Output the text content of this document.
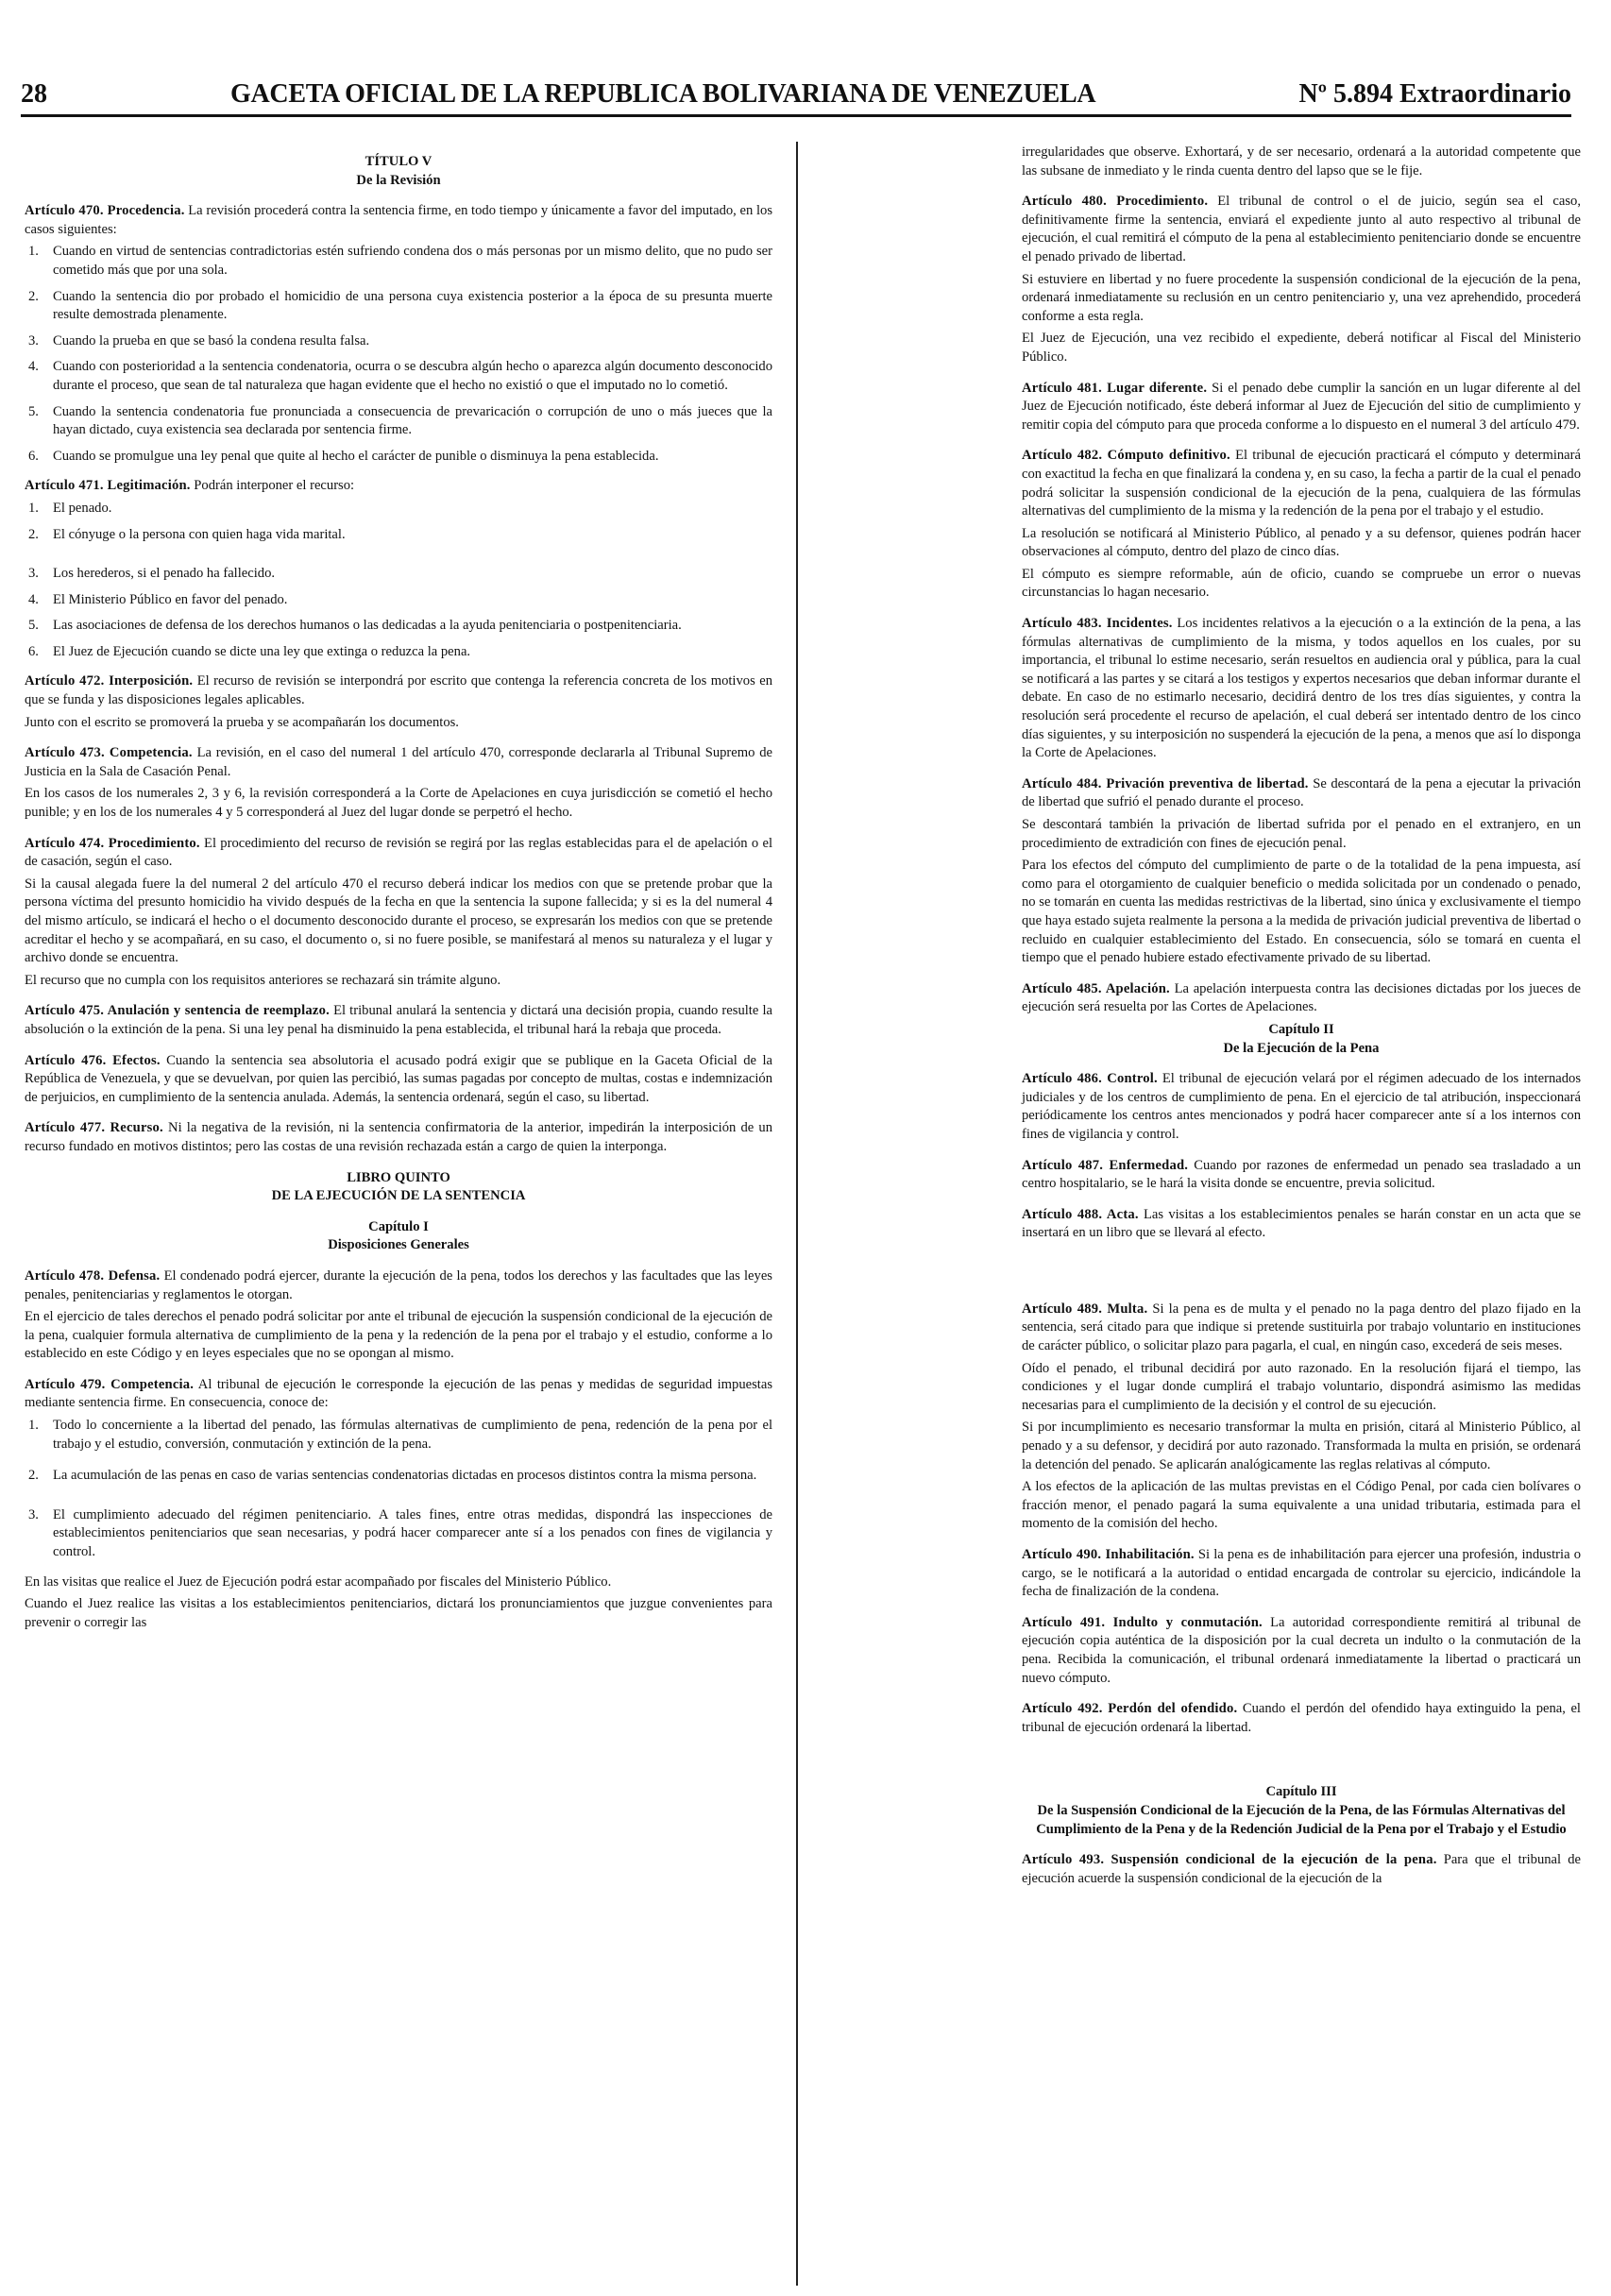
28	GACETA OFICIAL DE LA REPUBLICA BOLIVARIANA DE VENEZUELA	Nº 5.894 Extraordinario

TÍTULO V

De la Revisión

Artículo 470. Procedencia. La revisión procederá contra la sentencia firme, en todo tiempo y únicamente a favor del imputado, en los casos siguientes:

1. Cuando en virtud de sentencias contradictorias estén sufriendo condena dos o más personas por un mismo delito, que no pudo ser cometido más que por una sola.
2. Cuando la sentencia dio por probado el homicidio de una persona cuya existencia posterior a la época de su presunta muerte resulte demostrada plenamente.
3. Cuando la prueba en que se basó la condena resulta falsa.
4. Cuando con posterioridad a la sentencia condenatoria, ocurra o se descubra algún hecho o aparezca algún documento desconocido durante el proceso, que sean de tal naturaleza que hagan evidente que el hecho no existió o que el imputado no lo cometió.
5. Cuando la sentencia condenatoria fue pronunciada a consecuencia de prevaricación o corrupción de uno o más jueces que la hayan dictado, cuya existencia sea declarada por sentencia firme.
6. Cuando se promulgue una ley penal que quite al hecho el carácter de punible o disminuya la pena establecida.

Artículo 471. Legitimación. Podrán interponer el recurso:

1. El penado.
2. El cónyuge o la persona con quien haga vida marital.
3. Los herederos, si el penado ha fallecido.
4. El Ministerio Público en favor del penado.
5. Las asociaciones de defensa de los derechos humanos o las dedicadas a la ayuda penitenciaria o postpenitenciaria.
6. El Juez de Ejecución cuando se dicte una ley que extinga o reduzca la pena.

Artículo 472. Interposición. El recurso de revisión se interpondrá por escrito que contenga la referencia concreta de los motivos en que se funda y las disposiciones legales aplicables.

Junto con el escrito se promoverá la prueba y se acompañarán los documentos.

Artículo 473. Competencia. La revisión, en el caso del numeral 1 del artículo 470, corresponde declararla al Tribunal Supremo de Justicia en la Sala de Casación Penal.

En los casos de los numerales 2, 3 y 6, la revisión corresponderá a la Corte de Apelaciones en cuya jurisdicción se cometió el hecho punible; y en los de los numerales 4 y 5 corresponderá al Juez del lugar donde se perpetró el hecho.

Artículo 474. Procedimiento. El procedimiento del recurso de revisión se regirá por las reglas establecidas para el de apelación o el de casación, según el caso.

Si la causal alegada fuere la del numeral 2 del artículo 470 el recurso deberá indicar los medios con que se pretende probar que la persona víctima del presunto homicidio ha vivido después de la fecha en que la sentencia la supone fallecida; y si es la del numeral 4 del mismo artículo, se indicará el hecho o el documento desconocido durante el proceso, se expresarán los medios con que se pretende acreditar el hecho y se acompañará, en su caso, el documento o, si no fuere posible, se manifestará al menos su naturaleza y el lugar y archivo donde se encuentra.

El recurso que no cumpla con los requisitos anteriores se rechazará sin trámite alguno.

Artículo 475. Anulación y sentencia de reemplazo. El tribunal anulará la sentencia y dictará una decisión propia, cuando resulte la absolución o la extinción de la pena. Si una ley penal ha disminuido la pena establecida, el tribunal hará la rebaja que proceda.

Artículo 476. Efectos. Cuando la sentencia sea absolutoria el acusado podrá exigir que se publique en la Gaceta Oficial de la República de Venezuela, y que se devuelvan, por quien las percibió, las sumas pagadas por concepto de multas, costas e indemnización de perjuicios, en cumplimiento de la sentencia anulada. Además, la sentencia ordenará, según el caso, su libertad.

Artículo 477. Recurso. Ni la negativa de la revisión, ni la sentencia confirmatoria de la anterior, impedirán la interposición de un recurso fundado en motivos distintos; pero las costas de una revisión rechazada están a cargo de quien la interponga.

LIBRO QUINTO

DE LA EJECUCIÓN DE LA SENTENCIA

Capítulo I

Disposiciones Generales

Artículo 478. Defensa. El condenado podrá ejercer, durante la ejecución de la pena, todos los derechos y las facultades que las leyes penales, penitenciarias y reglamentos le otorgan.

En el ejercicio de tales derechos el penado podrá solicitar por ante el tribunal de ejecución la suspensión condicional de la ejecución de la pena, cualquier formula alternativa de cumplimiento de la pena y la redención de la pena por el trabajo y el estudio, conforme a lo establecido en este Código y en leyes especiales que no se opongan al mismo.

Artículo 479. Competencia. Al tribunal de ejecución le corresponde la ejecución de las penas y medidas de seguridad impuestas mediante sentencia firme. En consecuencia, conoce de:

1. Todo lo concerniente a la libertad del penado, las fórmulas alternativas de cumplimiento de pena, redención de la pena por el trabajo y el estudio, conversión, conmutación y extinción de la pena.
2. La acumulación de las penas en caso de varias sentencias condenatorias dictadas en procesos distintos contra la misma persona.
3. El cumplimiento adecuado del régimen penitenciario. A tales fines, entre otras medidas, dispondrá las inspecciones de establecimientos penitenciarios que sean necesarias, y podrá hacer comparecer ante sí a los penados con fines de vigilancia y control.

En las visitas que realice el Juez de Ejecución podrá estar acompañado por fiscales del Ministerio Público.

Cuando el Juez realice las visitas a los establecimientos penitenciarios, dictará los pronunciamientos que juzgue convenientes para prevenir o corregir las

irregularidades que observe. Exhortará, y de ser necesario, ordenará a la autoridad competente que las subsane de inmediato y le rinda cuenta dentro del lapso que se le fije.

Artículo 480. Procedimiento. El tribunal de control o el de juicio, según sea el caso, definitivamente firme la sentencia, enviará el expediente junto al auto respectivo al tribunal de ejecución, el cual remitirá el cómputo de la pena al establecimiento penitenciario donde se encuentre el penado privado de libertad.

Si estuviere en libertad y no fuere procedente la suspensión condicional de la ejecución de la pena, ordenará inmediatamente su reclusión en un centro penitenciario y, una vez aprehendido, procederá conforme a esta regla.

El Juez de Ejecución, una vez recibido el expediente, deberá notificar al Fiscal del Ministerio Público.

Artículo 481. Lugar diferente. Si el penado debe cumplir la sanción en un lugar diferente al del Juez de Ejecución notificado, éste deberá informar al Juez de Ejecución del sitio de cumplimiento y remitir copia del cómputo para que proceda conforme a lo dispuesto en el numeral 3 del artículo 479.

Artículo 482. Cómputo definitivo. El tribunal de ejecución practicará el cómputo y determinará con exactitud la fecha en que finalizará la condena y, en su caso, la fecha a partir de la cual el penado podrá solicitar la suspensión condicional de la ejecución de la pena, cualquiera de las fórmulas alternativas del cumplimiento de la misma y la redención de la pena por el trabajo y el estudio.

La resolución se notificará al Ministerio Público, al penado y a su defensor, quienes podrán hacer observaciones al cómputo, dentro del plazo de cinco días.

El cómputo es siempre reformable, aún de oficio, cuando se compruebe un error o nuevas circunstancias lo hagan necesario.

Artículo 483. Incidentes. Los incidentes relativos a la ejecución o a la extinción de la pena, a las fórmulas alternativas de cumplimiento de la misma, y todos aquellos en los cuales, por su importancia, el tribunal lo estime necesario, serán resueltos en audiencia oral y pública, para la cual se notificará a las partes y se citará a los testigos y expertos necesarios que deban informar durante el debate. En caso de no estimarlo necesario, decidirá dentro de los tres días siguientes, y contra la resolución será procedente el recurso de apelación, el cual deberá ser intentado dentro de los cinco días siguientes, y su interposición no suspenderá la ejecución de la pena, a menos que así lo disponga la Corte de Apelaciones.

Artículo 484. Privación preventiva de libertad. Se descontará de la pena a ejecutar la privación de libertad que sufrió el penado durante el proceso.

Se descontará también la privación de libertad sufrida por el penado en el extranjero, en un procedimiento de extradición con fines de ejecución penal.

Para los efectos del cómputo del cumplimiento de parte o de la totalidad de la pena impuesta, así como para el otorgamiento de cualquier beneficio o medida solicitada por un condenado o penado, no se tomarán en cuenta las medidas restrictivas de la libertad, sino única y exclusivamente el tiempo que haya estado sujeta realmente la persona a la medida de privación judicial preventiva de libertad o recluido en cualquier establecimiento del Estado. En consecuencia, sólo se tomará en cuenta el tiempo que el penado hubiere estado efectivamente privado de su libertad.

Artículo 485. Apelación. La apelación interpuesta contra las decisiones dictadas por los jueces de ejecución será resuelta por las Cortes de Apelaciones.

Capítulo II

De la Ejecución de la Pena

Artículo 486. Control. El tribunal de ejecución velará por el régimen adecuado de los internados judiciales y de los centros de cumplimiento de pena. En el ejercicio de tal atribución, inspeccionará periódicamente los centros antes mencionados y podrá hacer comparecer ante sí a los internos con fines de vigilancia y control.

Artículo 487. Enfermedad. Cuando por razones de enfermedad un penado sea trasladado a un centro hospitalario, se le hará la visita donde se encuentre, previa solicitud.

Artículo 488. Acta. Las visitas a los establecimientos penales se harán constar en un acta que se insertará en un libro que se llevará al efecto.

Artículo 489. Multa. Si la pena es de multa y el penado no la paga dentro del plazo fijado en la sentencia, será citado para que indique si pretende sustituirla por trabajo voluntario en instituciones de carácter público, o solicitar plazo para pagarla, el cual, en ningún caso, excederá de seis meses.

Oído el penado, el tribunal decidirá por auto razonado. En la resolución fijará el tiempo, las condiciones y el lugar donde cumplirá el trabajo voluntario, dispondrá asimismo las medidas necesarias para el cumplimiento de la decisión y el control de su ejecución.

Si por incumplimiento es necesario transformar la multa en prisión, citará al Ministerio Público, al penado y a su defensor, y decidirá por auto razonado. Transformada la multa en prisión, se ordenará la detención del penado. Se aplicarán analógicamente las reglas relativas al cómputo.

A los efectos de la aplicación de las multas previstas en el Código Penal, por cada cien bolívares o fracción menor, el penado pagará la suma equivalente a una unidad tributaria, estimada para el momento de la comisión del hecho.

Artículo 490. Inhabilitación. Si la pena es de inhabilitación para ejercer una profesión, industria o cargo, se le notificará a la autoridad o entidad encargada de controlar su ejercicio, indicándole la fecha de finalización de la condena.

Artículo 491. Indulto y conmutación. La autoridad correspondiente remitirá al tribunal de ejecución copia auténtica de la disposición por la cual decreta un indulto o la conmutación de la pena. Recibida la comunicación, el tribunal ordenará inmediatamente la libertad o practicará un nuevo cómputo.

Artículo 492. Perdón del ofendido. Cuando el perdón del ofendido haya extinguido la pena, el tribunal de ejecución ordenará la libertad.

Capítulo III

De la Suspensión Condicional de la Ejecución de la Pena, de las Fórmulas Alternativas del Cumplimiento de la Pena y de la Redención Judicial de la Pena por el Trabajo y el Estudio

Artículo 493. Suspensión condicional de la ejecución de la pena. Para que el tribunal de ejecución acuerde la suspensión condicional de la ejecución de la
